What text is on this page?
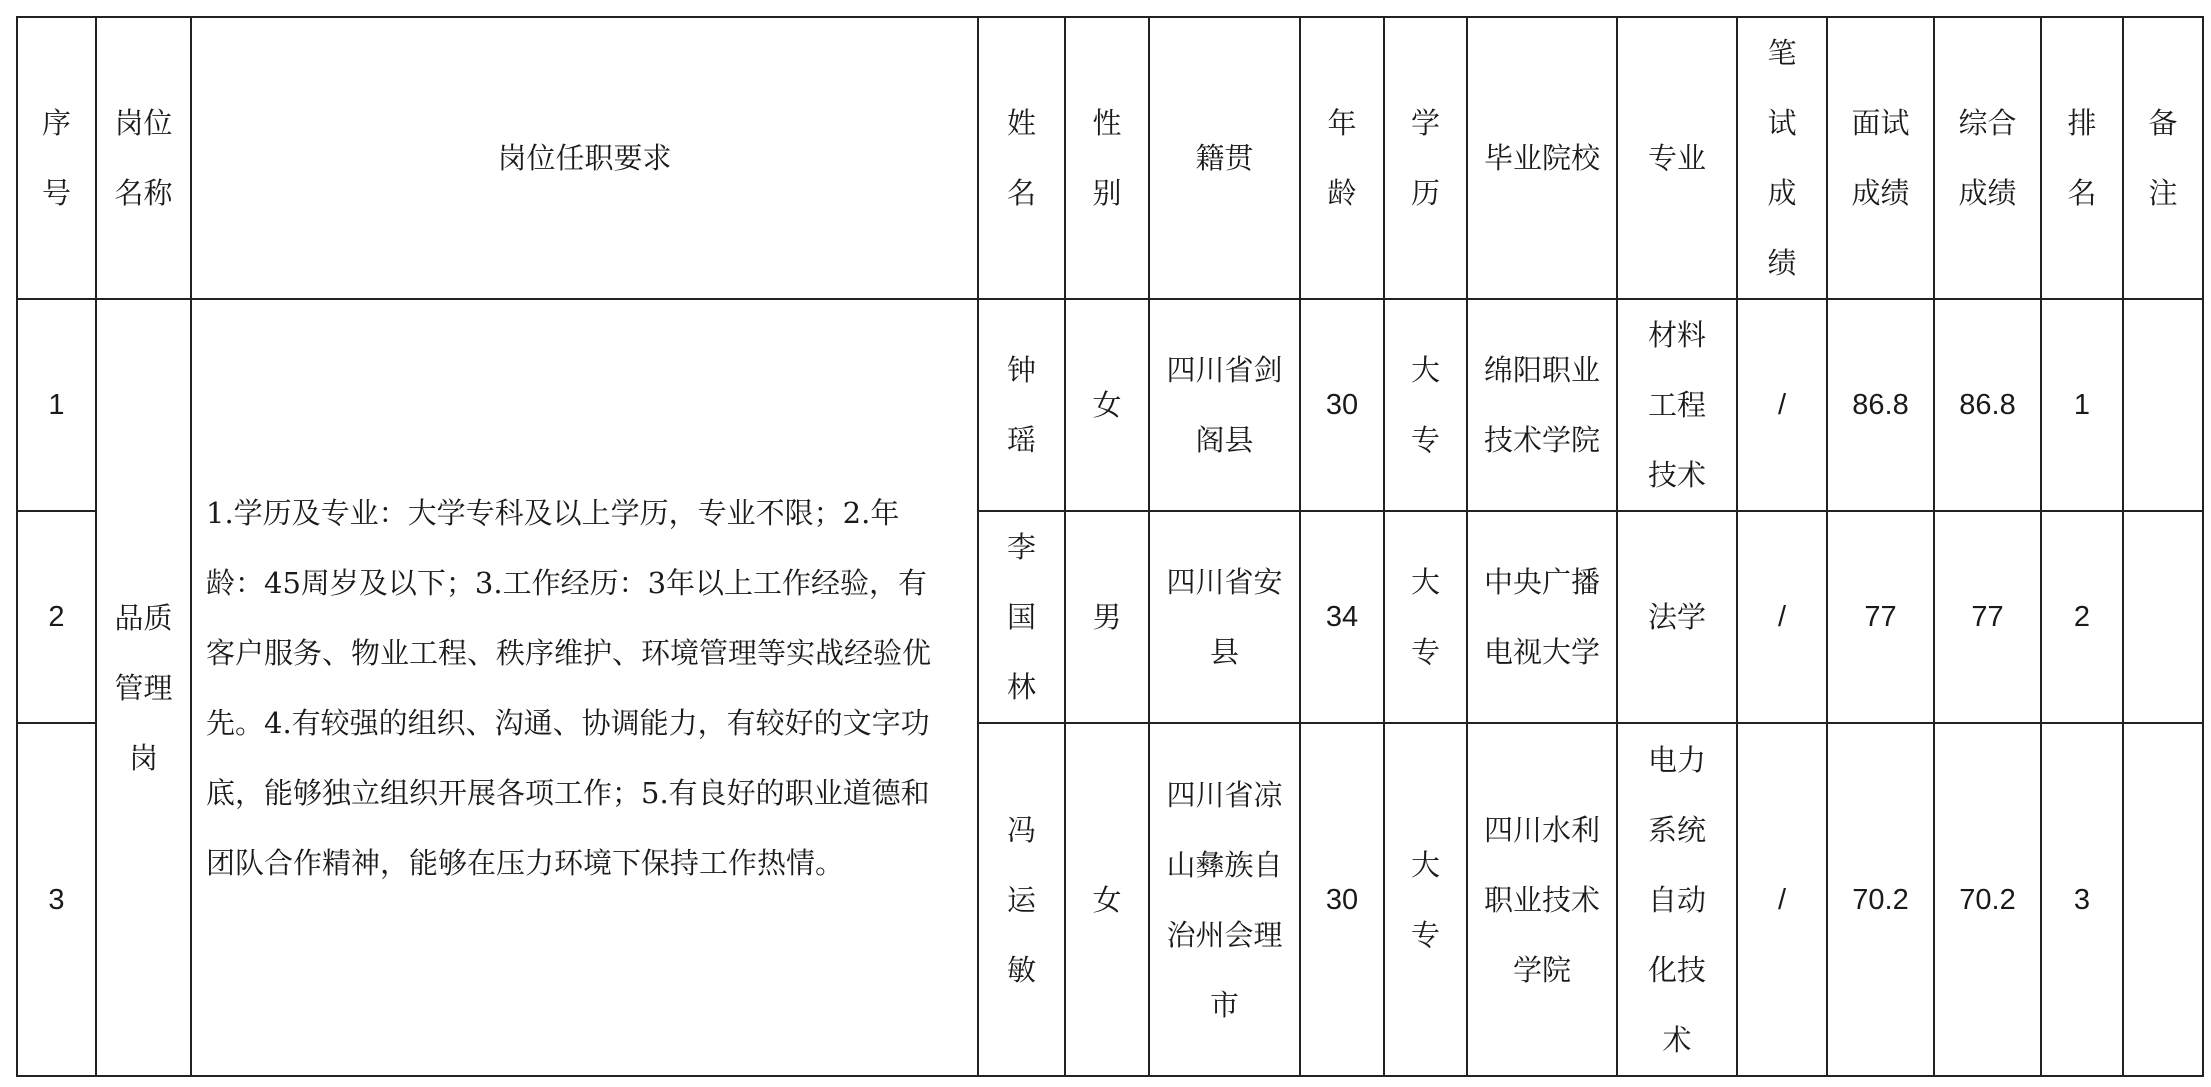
序
号	岗位
名称	岗位任职要求	姓
名	性
别	籍贯	年
龄	学
历	毕业院校	专业	笔
试
成
绩	面试
成绩	综合
成绩	排
名	备
注
1	品质
管理
岗	1.学历及专业：大学专科及以上学历，专业不限；2.年龄：45周岁及以下；3.工作经历：3年以上工作经验，有客户服务、物业工程、秩序维护、环境管理等实战经验优先。4.有较强的组织、沟通、协调能力，有较好的文字功底，能够独立组织开展各项工作；5.有良好的职业道德和团队合作精神，能够在压力环境下保持工作热情。	钟
瑶	女	四川省剑
阁县	30	大
专	绵阳职业
技术学院	材料
工程
技术	/	86.8	86.8	1	
2			李
国
林	男	四川省安
县	34	大
专	中央广播
电视大学	法学	/	77	77	2	
3			冯
运
敏	女	四川省凉
山彝族自
治州会理
市	30	大
专	四川水利
职业技术
学院	电力
系统
自动
化技
术	/	70.2	70.2	3	
